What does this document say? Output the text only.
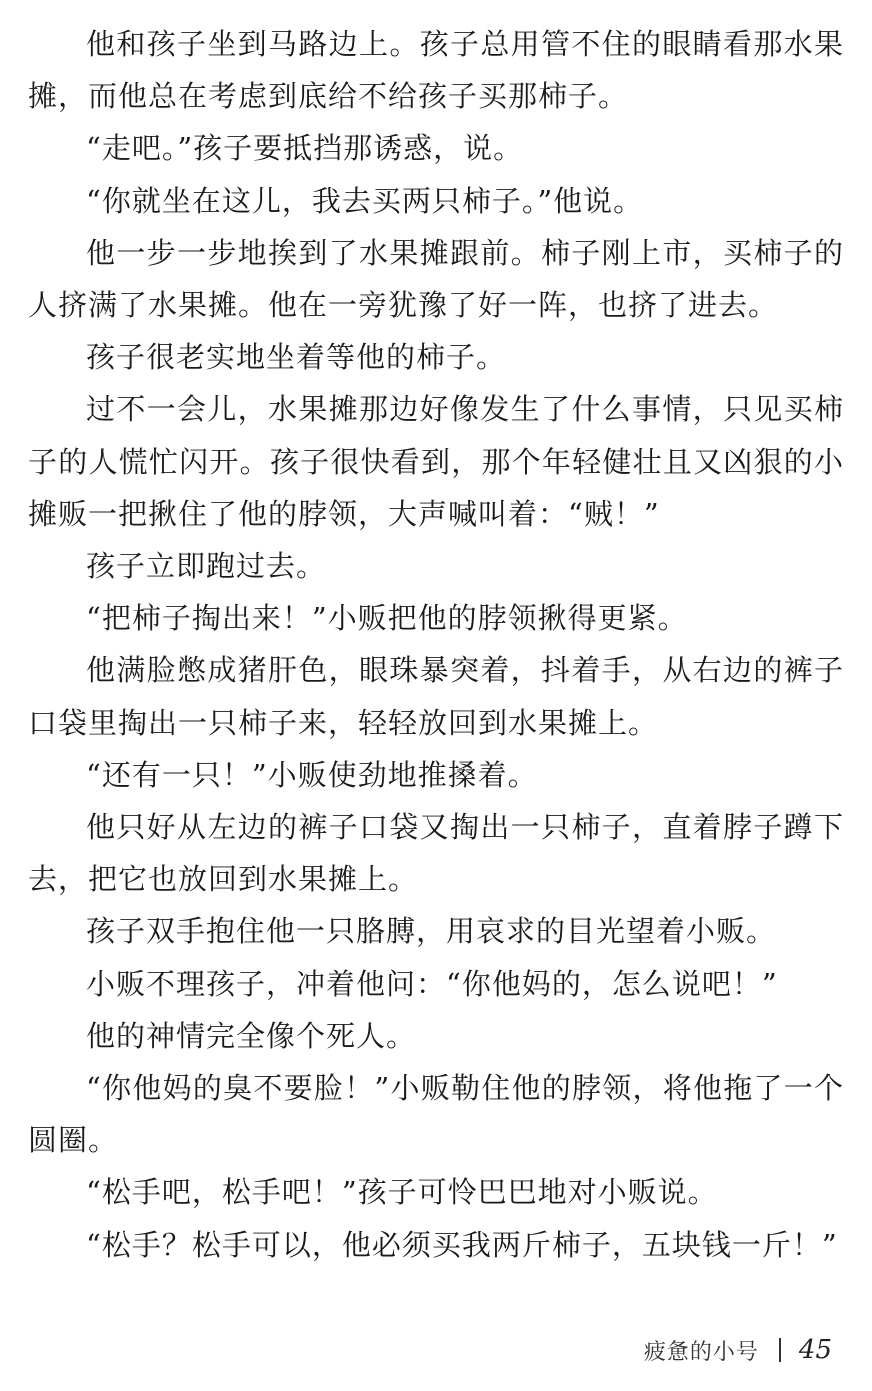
他和孩子坐到马路边上。孩子总用管不住的眼睛看那水果摊，而他总在考虑到底给不给孩子买那柿子。

“走吧。”孩子要抵挡那诱惑，说。

“你就坐在这儿，我去买两只柿子。”他说。

他一步一步地挨到了水果摊跟前。柿子刚上市，买柿子的人挤满了水果摊。他在一旁犹豫了好一阵，也挤了进去。

孩子很老实地坐着等他的柿子。

过不一会儿，水果摊那边好像发生了什么事情，只见买柿子的人慌忙闪开。孩子很快看到，那个年轻健壮且又凶狠的小摊贩一把揪住了他的脖领，大声喊叫着：“贼！”

孩子立即跑过去。

“把柿子掏出来！”小贩把他的脖领揪得更紧。

他满脸憋成猪肝色，眼珠暴突着，抖着手，从右边的裤子口袋里掏出一只柿子来，轻轻放回到水果摊上。

“还有一只！”小贩使劲地推搡着。

他只好从左边的裤子口袋又掏出一只柿子，直着脖子蹲下去，把它也放回到水果摊上。

孩子双手抱住他一只胳膊，用哀求的目光望着小贩。

小贩不理孩子，冲着他问：“你他妈的，怎么说吧！”

他的神情完全像个死人。

“你他妈的臭不要脸！”小贩勒住他的脖领，将他拖了一个圆圈。

“松手吧，松手吧！”孩子可怜巴巴地对小贩说。

“松手？松手可以，他必须买我两斤柿子，五块钱一斤！”

疲惫的小号 45
